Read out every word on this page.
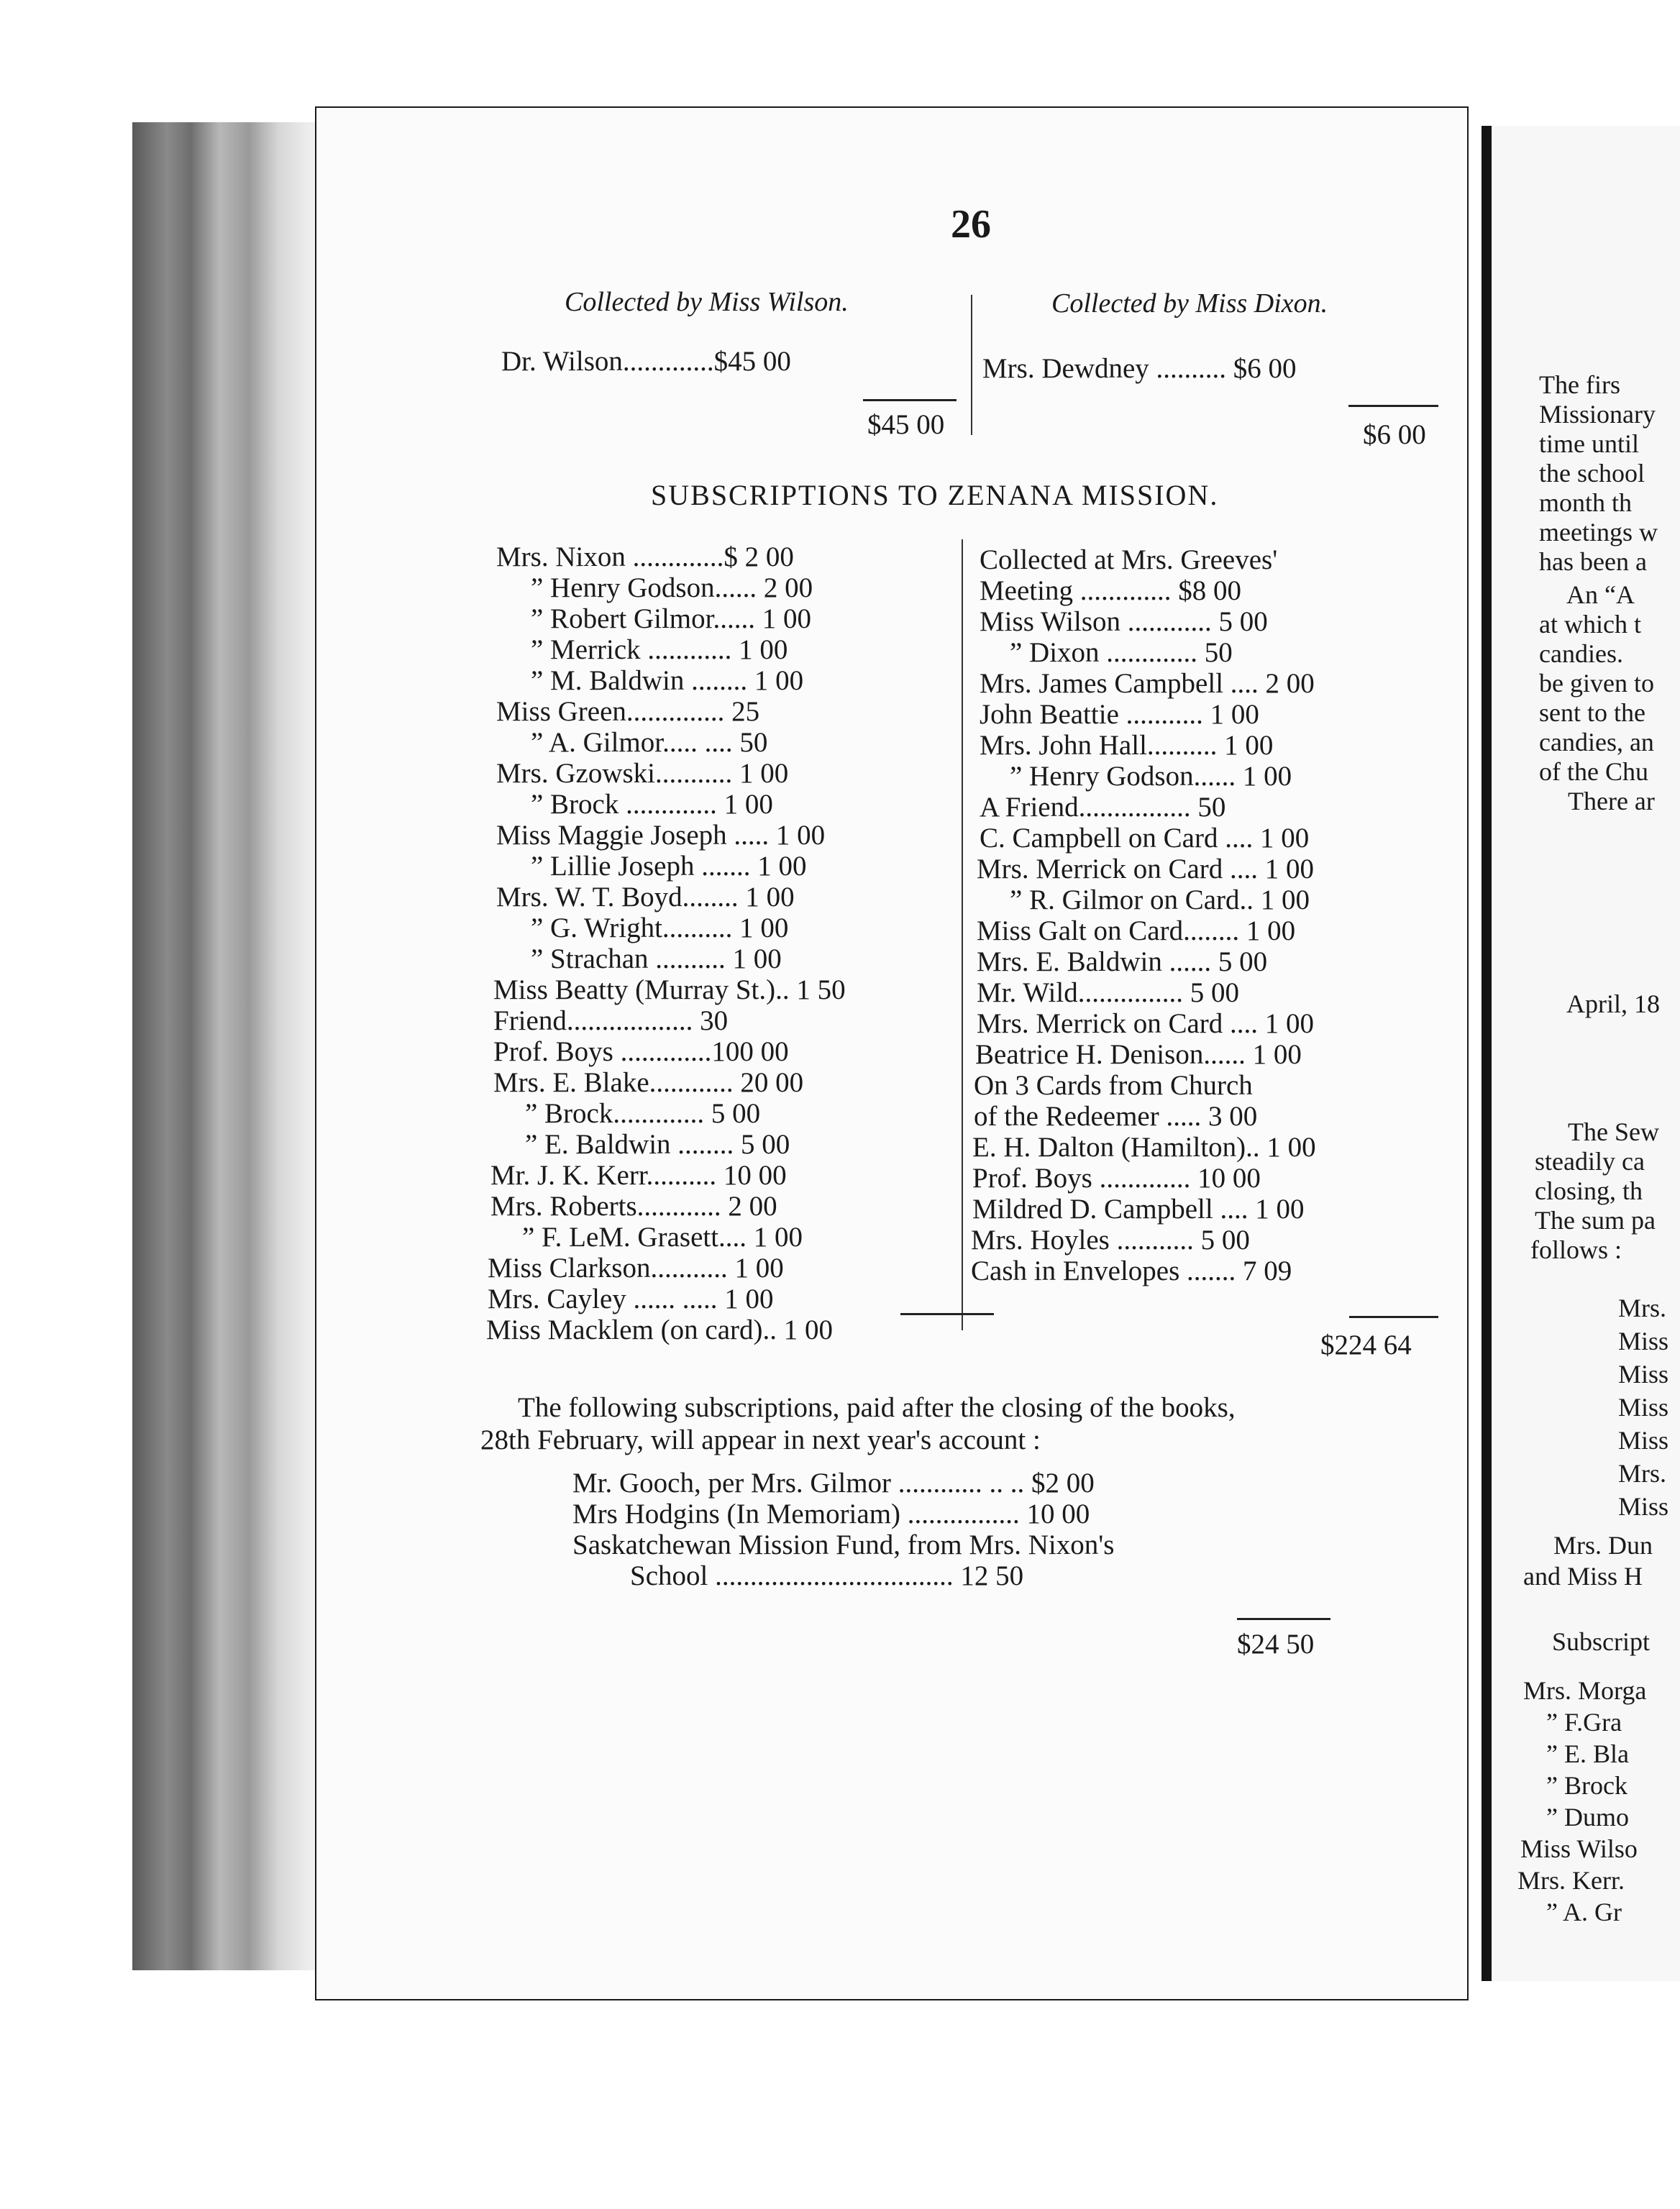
26
Collected by Miss Wilson.
Dr. Wilson.............$45 00
$45 00
Collected by Miss Dixon.
Mrs. Dewdney .......... $6 00
$6 00
SUBSCRIPTIONS TO ZENANA MISSION.
Mrs. Nixon .............$ 2 00
” Henry Godson...... 2 00
” Robert Gilmor...... 1 00
” Merrick ............ 1 00
” M. Baldwin ........ 1 00
Miss Green.............. 25
” A. Gilmor..... .... 50
Mrs. Gzowski........... 1 00
” Brock ............. 1 00
Miss Maggie Joseph ..... 1 00
” Lillie Joseph ....... 1 00
Mrs. W. T. Boyd........ 1 00
” G. Wright.......... 1 00
” Strachan .......... 1 00
Miss Beatty (Murray St.).. 1 50
Friend.................. 30
Prof. Boys .............100 00
Mrs. E. Blake............ 20 00
” Brock............. 5 00
” E. Baldwin ........ 5 00
Mr. J. K. Kerr.......... 10 00
Mrs. Roberts............ 2 00
” F. LeM. Grasett.... 1 00
Miss Clarkson........... 1 00
Mrs. Cayley ...... ..... 1 00
Miss Macklem (on card).. 1 00
Collected at Mrs. Greeves'
Meeting ............. $8 00
Miss Wilson ............ 5 00
” Dixon ............. 50
Mrs. James Campbell .... 2 00
John Beattie ........... 1 00
Mrs. John Hall.......... 1 00
” Henry Godson...... 1 00
A Friend................ 50
C. Campbell on Card .... 1 00
Mrs. Merrick on Card .... 1 00
” R. Gilmor on Card.. 1 00
Miss Galt on Card........ 1 00
Mrs. E. Baldwin ...... 5 00
Mr. Wild............... 5 00
Mrs. Merrick on Card .... 1 00
Beatrice H. Denison...... 1 00
On 3 Cards from Church
of the Redeemer ..... 3 00
E. H. Dalton (Hamilton).. 1 00
Prof. Boys ............. 10 00
Mildred D. Campbell .... 1 00
Mrs. Hoyles ........... 5 00
Cash in Envelopes ....... 7 09
$224 64
The following subscriptions, paid after the closing of the books,
28th February, will appear in next year's account :
Mr. Gooch, per Mrs. Gilmor ............ .. .. $2 00
Mrs Hodgins (In Memoriam) ................ 10 00
Saskatchewan Mission Fund, from Mrs. Nixon's
School .................................. 12 50
$24 50
The firs
Missionary
time until
the school
month th
meetings w
has been a
An “A
at which t
candies.
be given to
sent to the
candies, an
of the Chu
There ar
April, 18
The Sew
steadily ca
closing, th
The sum pa
follows :
Mrs.
Miss
Miss
Miss
Miss
Mrs.
Miss
Mrs. Dun
and Miss H
Subscript
Mrs. Morga
” F.Gra
” E. Bla
” Brock
” Dumo
Miss Wilso
Mrs. Kerr.
” A. Gr
